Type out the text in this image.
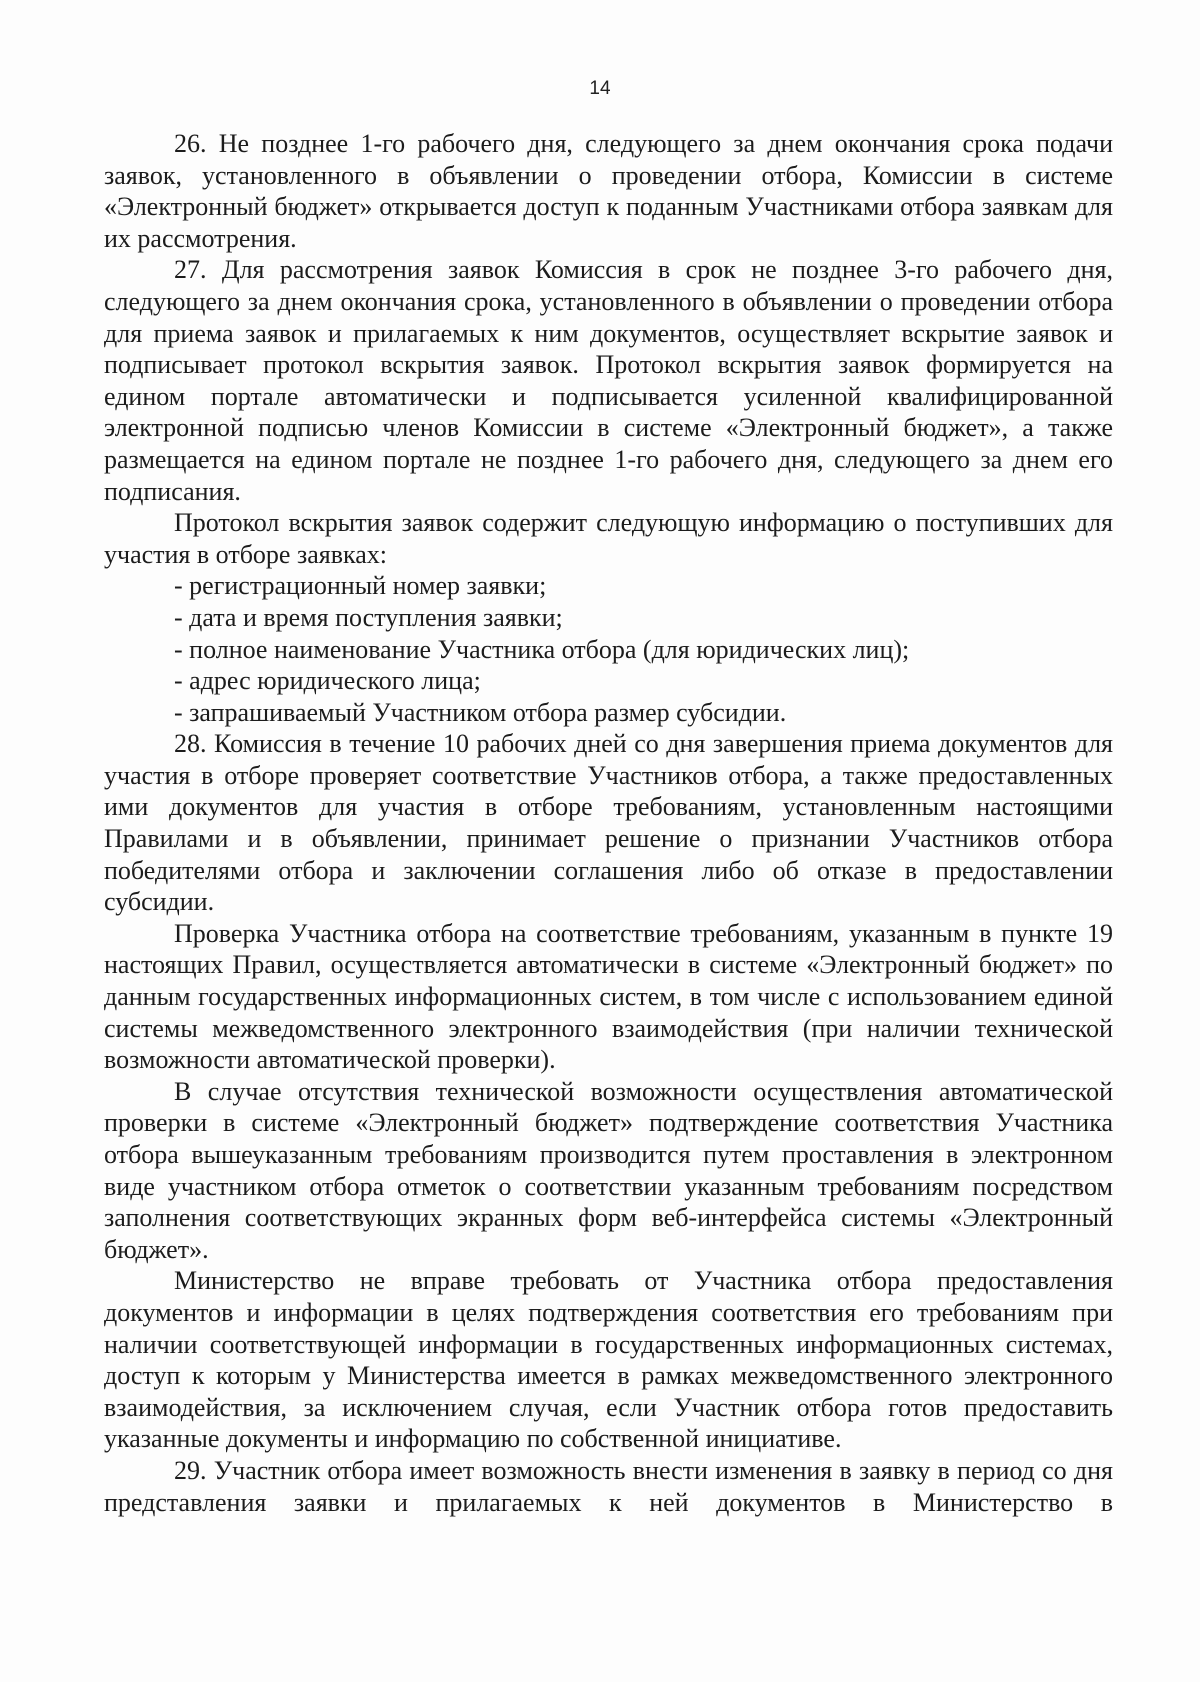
14

26. Не позднее 1-го рабочего дня, следующего за днем окончания срока подачи заявок, установленного в объявлении о проведении отбора, Комиссии в системе «Электронный бюджет» открывается доступ к поданным Участниками отбора заявкам для их рассмотрения.

27. Для рассмотрения заявок Комиссия в срок не позднее 3-го рабочего дня, следующего за днем окончания срока, установленного в объявлении о проведении отбора для приема заявок и прилагаемых к ним документов, осуществляет вскрытие заявок и подписывает протокол вскрытия заявок. Протокол вскрытия заявок формируется на едином портале автоматически и подписывается усиленной квалифицированной электронной подписью членов Комиссии в системе «Электронный бюджет», а также размещается на едином портале не позднее 1-го рабочего дня, следующего за днем его подписания.

Протокол вскрытия заявок содержит следующую информацию о поступивших для участия в отборе заявках:

- регистрационный номер заявки;
- дата и время поступления заявки;
- полное наименование Участника отбора (для юридических лиц);
- адрес юридического лица;
- запрашиваемый Участником отбора размер субсидии.

28. Комиссия в течение 10 рабочих дней со дня завершения приема документов для участия в отборе проверяет соответствие Участников отбора, а также предоставленных ими документов для участия в отборе требованиям, установленным настоящими Правилами и в объявлении, принимает решение о признании Участников отбора победителями отбора и заключении соглашения либо об отказе в предоставлении субсидии.

Проверка Участника отбора на соответствие требованиям, указанным в пункте 19 настоящих Правил, осуществляется автоматически в системе «Электронный бюджет» по данным государственных информационных систем, в том числе с использованием единой системы межведомственного электронного взаимодействия (при наличии технической возможности автоматической проверки).

В случае отсутствия технической возможности осуществления автоматической проверки в системе «Электронный бюджет» подтверждение соответствия Участника отбора вышеуказанным требованиям производится путем проставления в электронном виде участником отбора отметок о соответствии указанным требованиям посредством заполнения соответствующих экранных форм веб-интерфейса системы «Электронный бюджет».

Министерство не вправе требовать от Участника отбора предоставления документов и информации в целях подтверждения соответствия его требованиям при наличии соответствующей информации в государственных информационных системах, доступ к которым у Министерства имеется в рамках межведомственного электронного взаимодействия, за исключением случая, если Участник отбора готов предоставить указанные документы и информацию по собственной инициативе.

29. Участник отбора имеет возможность внести изменения в заявку в период со дня представления заявки и прилагаемых к ней документов в Министерство в
